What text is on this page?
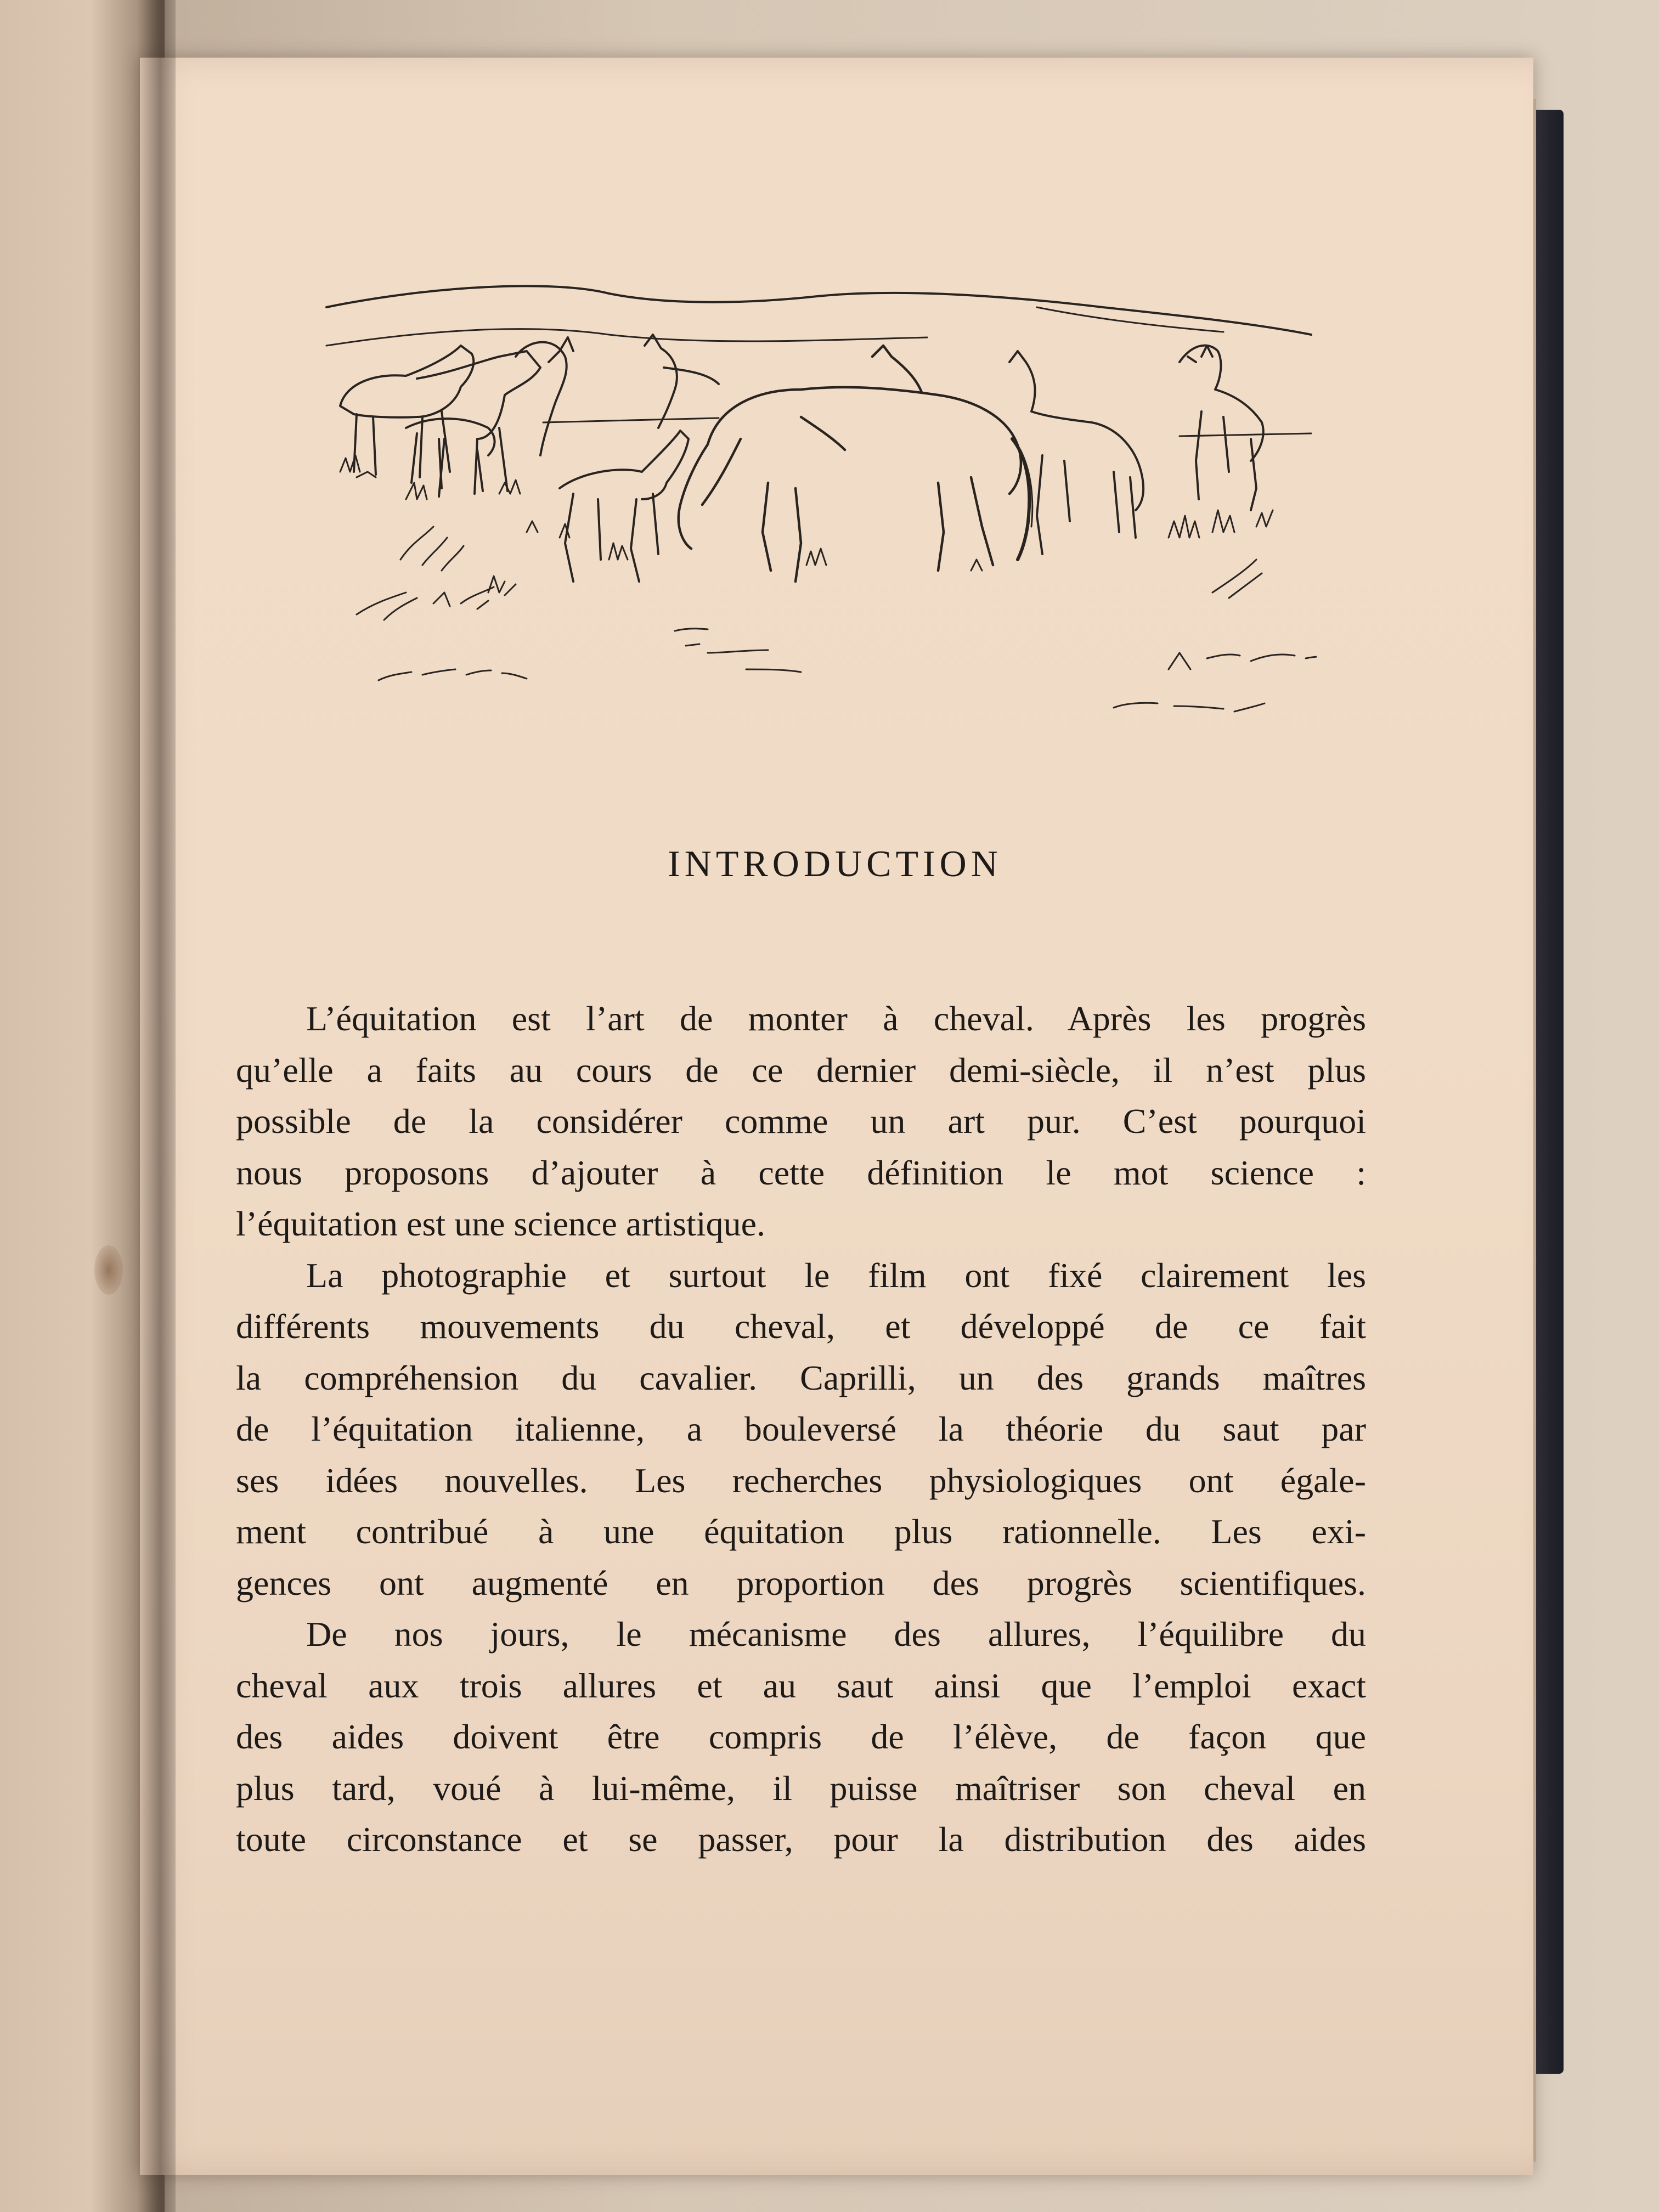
INTRODUCTION
L’équitation est l’art de monter à cheval. Après les progrès
qu’elle a faits au cours de ce dernier demi-siècle, il n’est plus
possible de la considérer comme un art pur. C’est pourquoi
nous proposons d’ajouter à cette définition le mot science :
l’équitation est une science artistique.
La photographie et surtout le film ont fixé clairement les
différents mouvements du cheval, et développé de ce fait
la compréhension du cavalier. Caprilli, un des grands maîtres
de l’équitation italienne, a bouleversé la théorie du saut par
ses idées nouvelles. Les recherches physiologiques ont égale-
ment contribué à une équitation plus rationnelle. Les exi-
gences ont augmenté en proportion des progrès scientifiques.
De nos jours, le mécanisme des allures, l’équilibre du
cheval aux trois allures et au saut ainsi que l’emploi exact
des aides doivent être compris de l’élève, de façon que
plus tard, voué à lui-même, il puisse maîtriser son cheval en
toute circonstance et se passer, pour la distribution des aides
